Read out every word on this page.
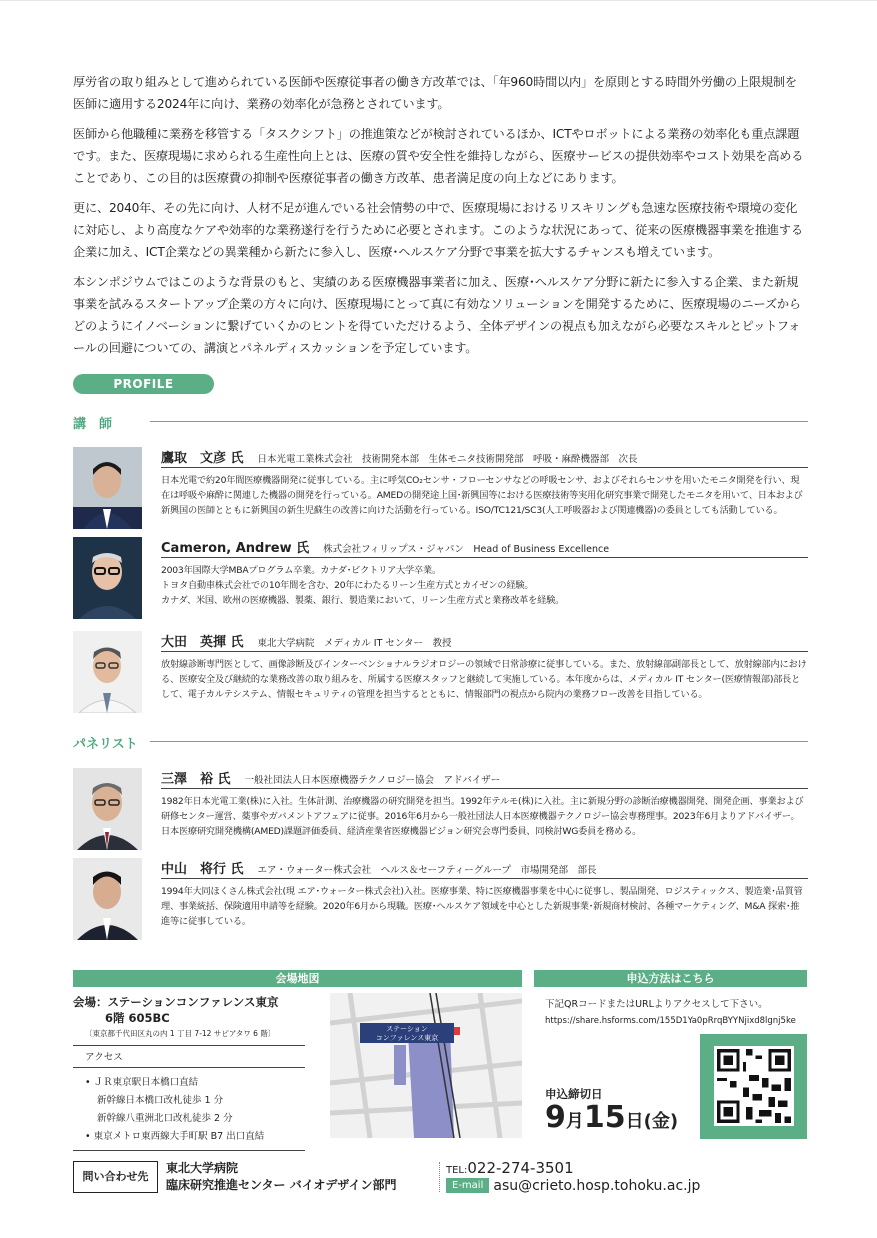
厚労省の取り組みとして進められている医師や医療従事者の働き方改革では、「年960時間以内」を原則とする時間外労働の上限規制を医師に適用する2024年に向け、業務の効率化が急務とされています。

医師から他職種に業務を移管する「タスクシフト」の推進策などが検討されているほか、ICTやロボットによる業務の効率化も重点課題です。また、医療現場に求められる生産性向上とは、医療の質や安全性を維持しながら、医療サービスの提供効率やコスト効果を高めることであり、この目的は医療費の抑制や医療従事者の働き方改革、患者満足度の向上などにあります。

更に、2040年、その先に向け、人材不足が進んでいる社会情勢の中で、医療現場におけるリスキリングも急速な医療技術や環境の変化に対応し、より高度なケアや効率的な業務遂行を行うために必要とされます。このような状況にあって、従来の医療機器事業を推進する企業に加え、ICT企業などの異業種から新たに参入し、医療･ヘルスケア分野で事業を拡大するチャンスも増えています。

本シンポジウムではこのような背景のもと、実績のある医療機器事業者に加え、医療･ヘルスケア分野に新たに参入する企業、また新規事業を試みるスタートアップ企業の方々に向け、医療現場にとって真に有効なソリューションを開発するために、医療現場のニーズからどのようにイノベーションに繋げていくかのヒントを得ていただけるよう、全体デザインの視点も加えながら必要なスキルとピットフォールの回避についての、講演とパネルディスカッションを予定しています。

PROFILE
講　師
鷹取　文彦 氏 日本光電工業株式会社　技術開発本部　生体モニタ技術開発部　呼吸・麻酔機器部　次長
日本光電で約20年間医療機器開発に従事している。主に呼気CO₂センサ・フローセンサなどの呼吸センサ、およびそれらセンサを用いたモニタ開発を行い、現在は呼吸や麻酔に関連した機器の開発を行っている。AMEDの開発途上国･新興国等における医療技術等実用化研究事業で開発したモニタを用いて、日本および新興国の医師とともに新興国の新生児蘇生の改善に向けた活動を行っている。ISO/TC121/SC3(人工呼吸器および関連機器)の委員としても活動している。
Cameron, Andrew 氏 株式会社フィリップス・ジャパン　Head of Business Excellence
2003年国際大学MBAプログラム卒業。カナダ･ビクトリア大学卒業。
トヨタ自動車株式会社での10年間を含む、20年にわたるリーン生産方式とカイゼンの経験。
カナダ、米国、欧州の医療機器、製薬、銀行、製造業において、リーン生産方式と業務改革を経験。
大田　英揮 氏 東北大学病院　メディカル IT センター　教授
放射線診断専門医として、画像診断及びインターベンショナルラジオロジーの領域で日常診療に従事している。また、放射線部副部長として、放射線部内における、医療安全及び継続的な業務改善の取り組みを、所属する医療スタッフと継続して実施している。本年度からは、メディカル IT センター(医療情報部)部長として、電子カルテシステム、情報セキュリティの管理を担当するとともに、情報部門の視点から院内の業務フロー改善を目指している。
パネリスト
三澤　裕 氏 一般社団法人日本医療機器テクノロジー協会　アドバイザー
1982年日本光電工業(株)に入社。生体計測、治療機器の研究開発を担当。1992年テルモ(株)に入社。主に新規分野の診断治療機器開発、開発企画、事業および研修センター運営、薬事やガバメントアフェアに従事。2016年6月から一般社団法人日本医療機器テクノロジー協会専務理事。2023年6月よりアドバイザー。日本医療研究開発機構(AMED)課題評価委員、経済産業省医療機器ビジョン研究会専門委員、同検討WG委員を務める。
中山　将行 氏 エア・ウォーター株式会社　ヘルス＆セーフティーグループ　市場開発部　部長
1994年大同ほくさん株式会社(現 エア･ウォーター株式会社)入社。医療事業、特に医療機器事業を中心に従事し、製品開発、ロジスティックス、製造業･品質管理、事業統括、保険適用申請等を経験。2020年6月から現職。医療･ヘルスケア領域を中心とした新規事業･新規商材検討、各種マーケティング、M&A 探索･推進等に従事している。
会場地図	申込方法はこちら
会場：ステーションコンファレンス東京
6階 605BC
〔東京都千代田区丸の内 1 丁目 7-12 サピアタワ 6 階〕
アクセス
• ＪＲ東京駅日本橋口直結
新幹線日本橋口改札徒歩 1 分
新幹線八重洲北口改札徒歩 2 分
• 東京メトロ東西線大手町駅 B7 出口直結
ステーション
コンファレンス東京
下記QRコードまたはURLよりアクセスして下さい。
https://share.hsforms.com/155D1Ya0pRrqBYYNjixd8lgnj5ke
申込締切日
9月15日(金)
問い合わせ先
東北大学病院
臨床研究推進センター バイオデザイン部門
TEL:022-274-3501
E-mail asu@crieto.hosp.tohoku.ac.jp
